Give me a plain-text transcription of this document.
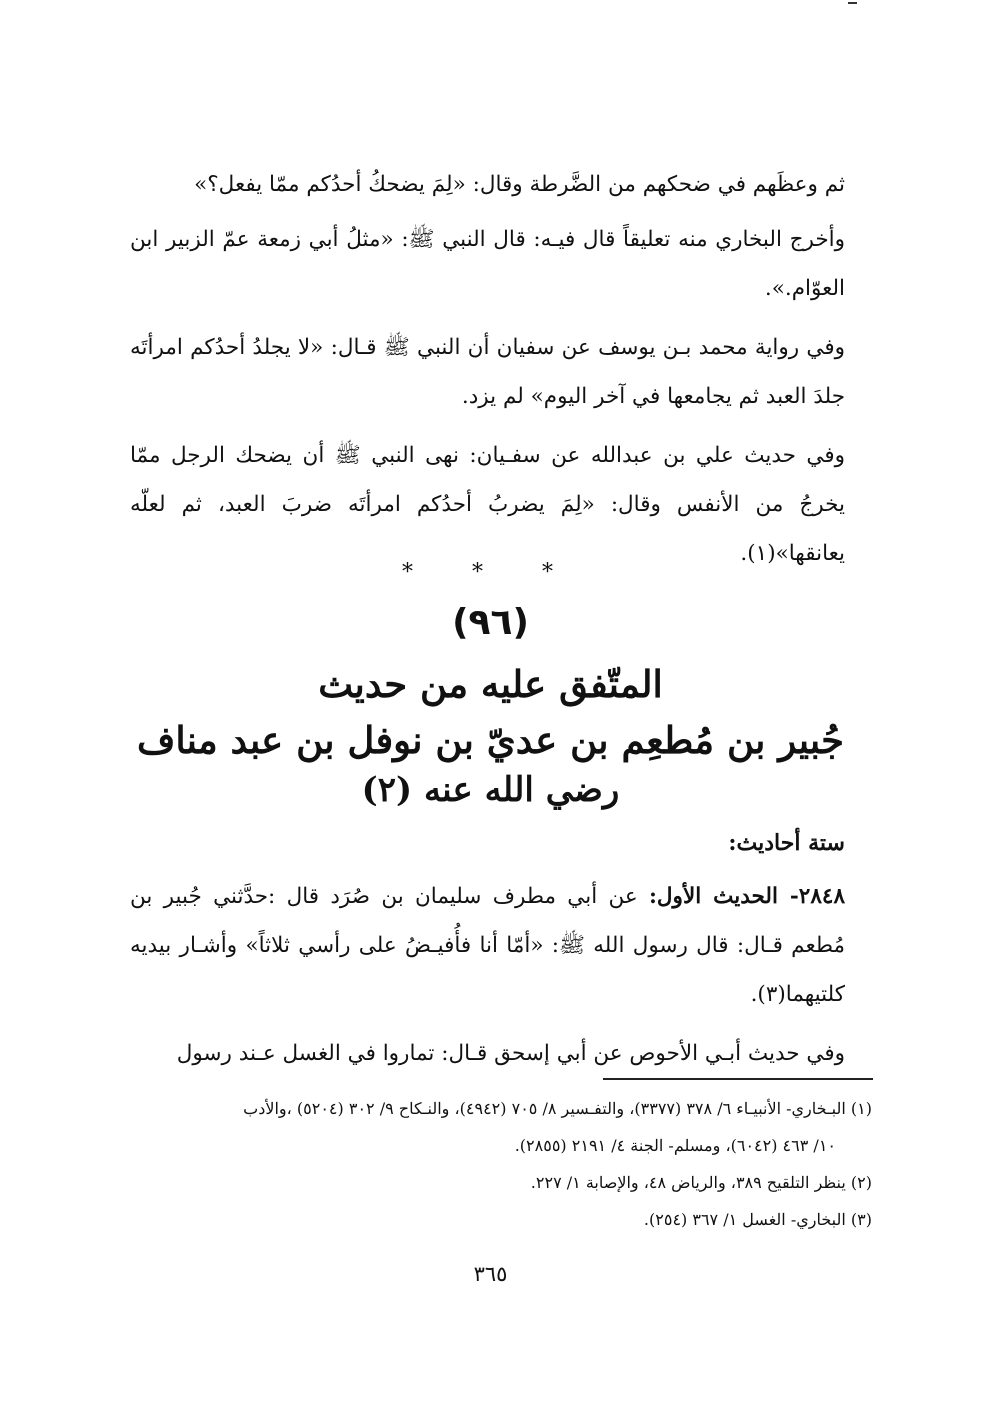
ثم وعظَهم في ضحكهم من الضَّرطة وقال: «لِمَ يضحكُ أحدُكم ممّا يفعل؟»

وأخرج البخاري منه تعليقاً قال فيـه: قال النبي ﷺ: «مثلُ أبي زمعة عمّ الزبير ابن العوّام.».

وفي رواية محمد بـن يوسف عن سفيان أن النبي ﷺ قـال: «لا يجلدُ أحدُكم امرأتَه جلدَ العبد ثم يجامعها في آخر اليوم» لم يزد.

وفي حديث علي بن عبدالله عن سفـيان: نهى النبي ﷺ أن يضحك الرجل ممّا يخرجُ من الأنفس وقال: «لِمَ يضربُ أحدُكم امرأتَه ضربَ العبد، ثم لعلّه يعانقها»(١).

* * *
(٩٦)
المتّفق عليه من حديث
جُبير بن مُطعِم بن عديّ بن نوفل بن عبد مناف
رضي الله عنه (٢)
ستة أحاديث:

٢٨٤٨- الحديث الأول: عن أبي مطرف سليمان بن صُرَد قال :حدَّثني جُبير بن مُطعم قـال: قال رسول الله ﷺ: «أمّا أنا فأُفيـضُ على رأسي ثلاثاً» وأشـار بيديه كلتيهما(٣).

وفي حديث أبـي الأحوص عن أبي إسحق قـال: تماروا في الغسل عـند رسول

(١) البـخاري- الأنبيـاء ٦/ ٣٧٨ (٣٣٧٧)، والتفـسير ٨/ ٧٠٥ (٤٩٤٢)، والنـكاح ٩/ ٣٠٢ (٥٢٠٤) ،والأدب

١٠/ ٤٦٣ (٦٠٤٢)، ومسلم- الجنة ٤/ ٢١٩١ (٢٨٥٥).

(٢) ينظر التلقيح ٣٨٩، والرياض ٤٨، والإصابة ١/ ٢٢٧.

(٣) البخاري- الغسل ١/ ٣٦٧ (٢٥٤).

٣٦٥
